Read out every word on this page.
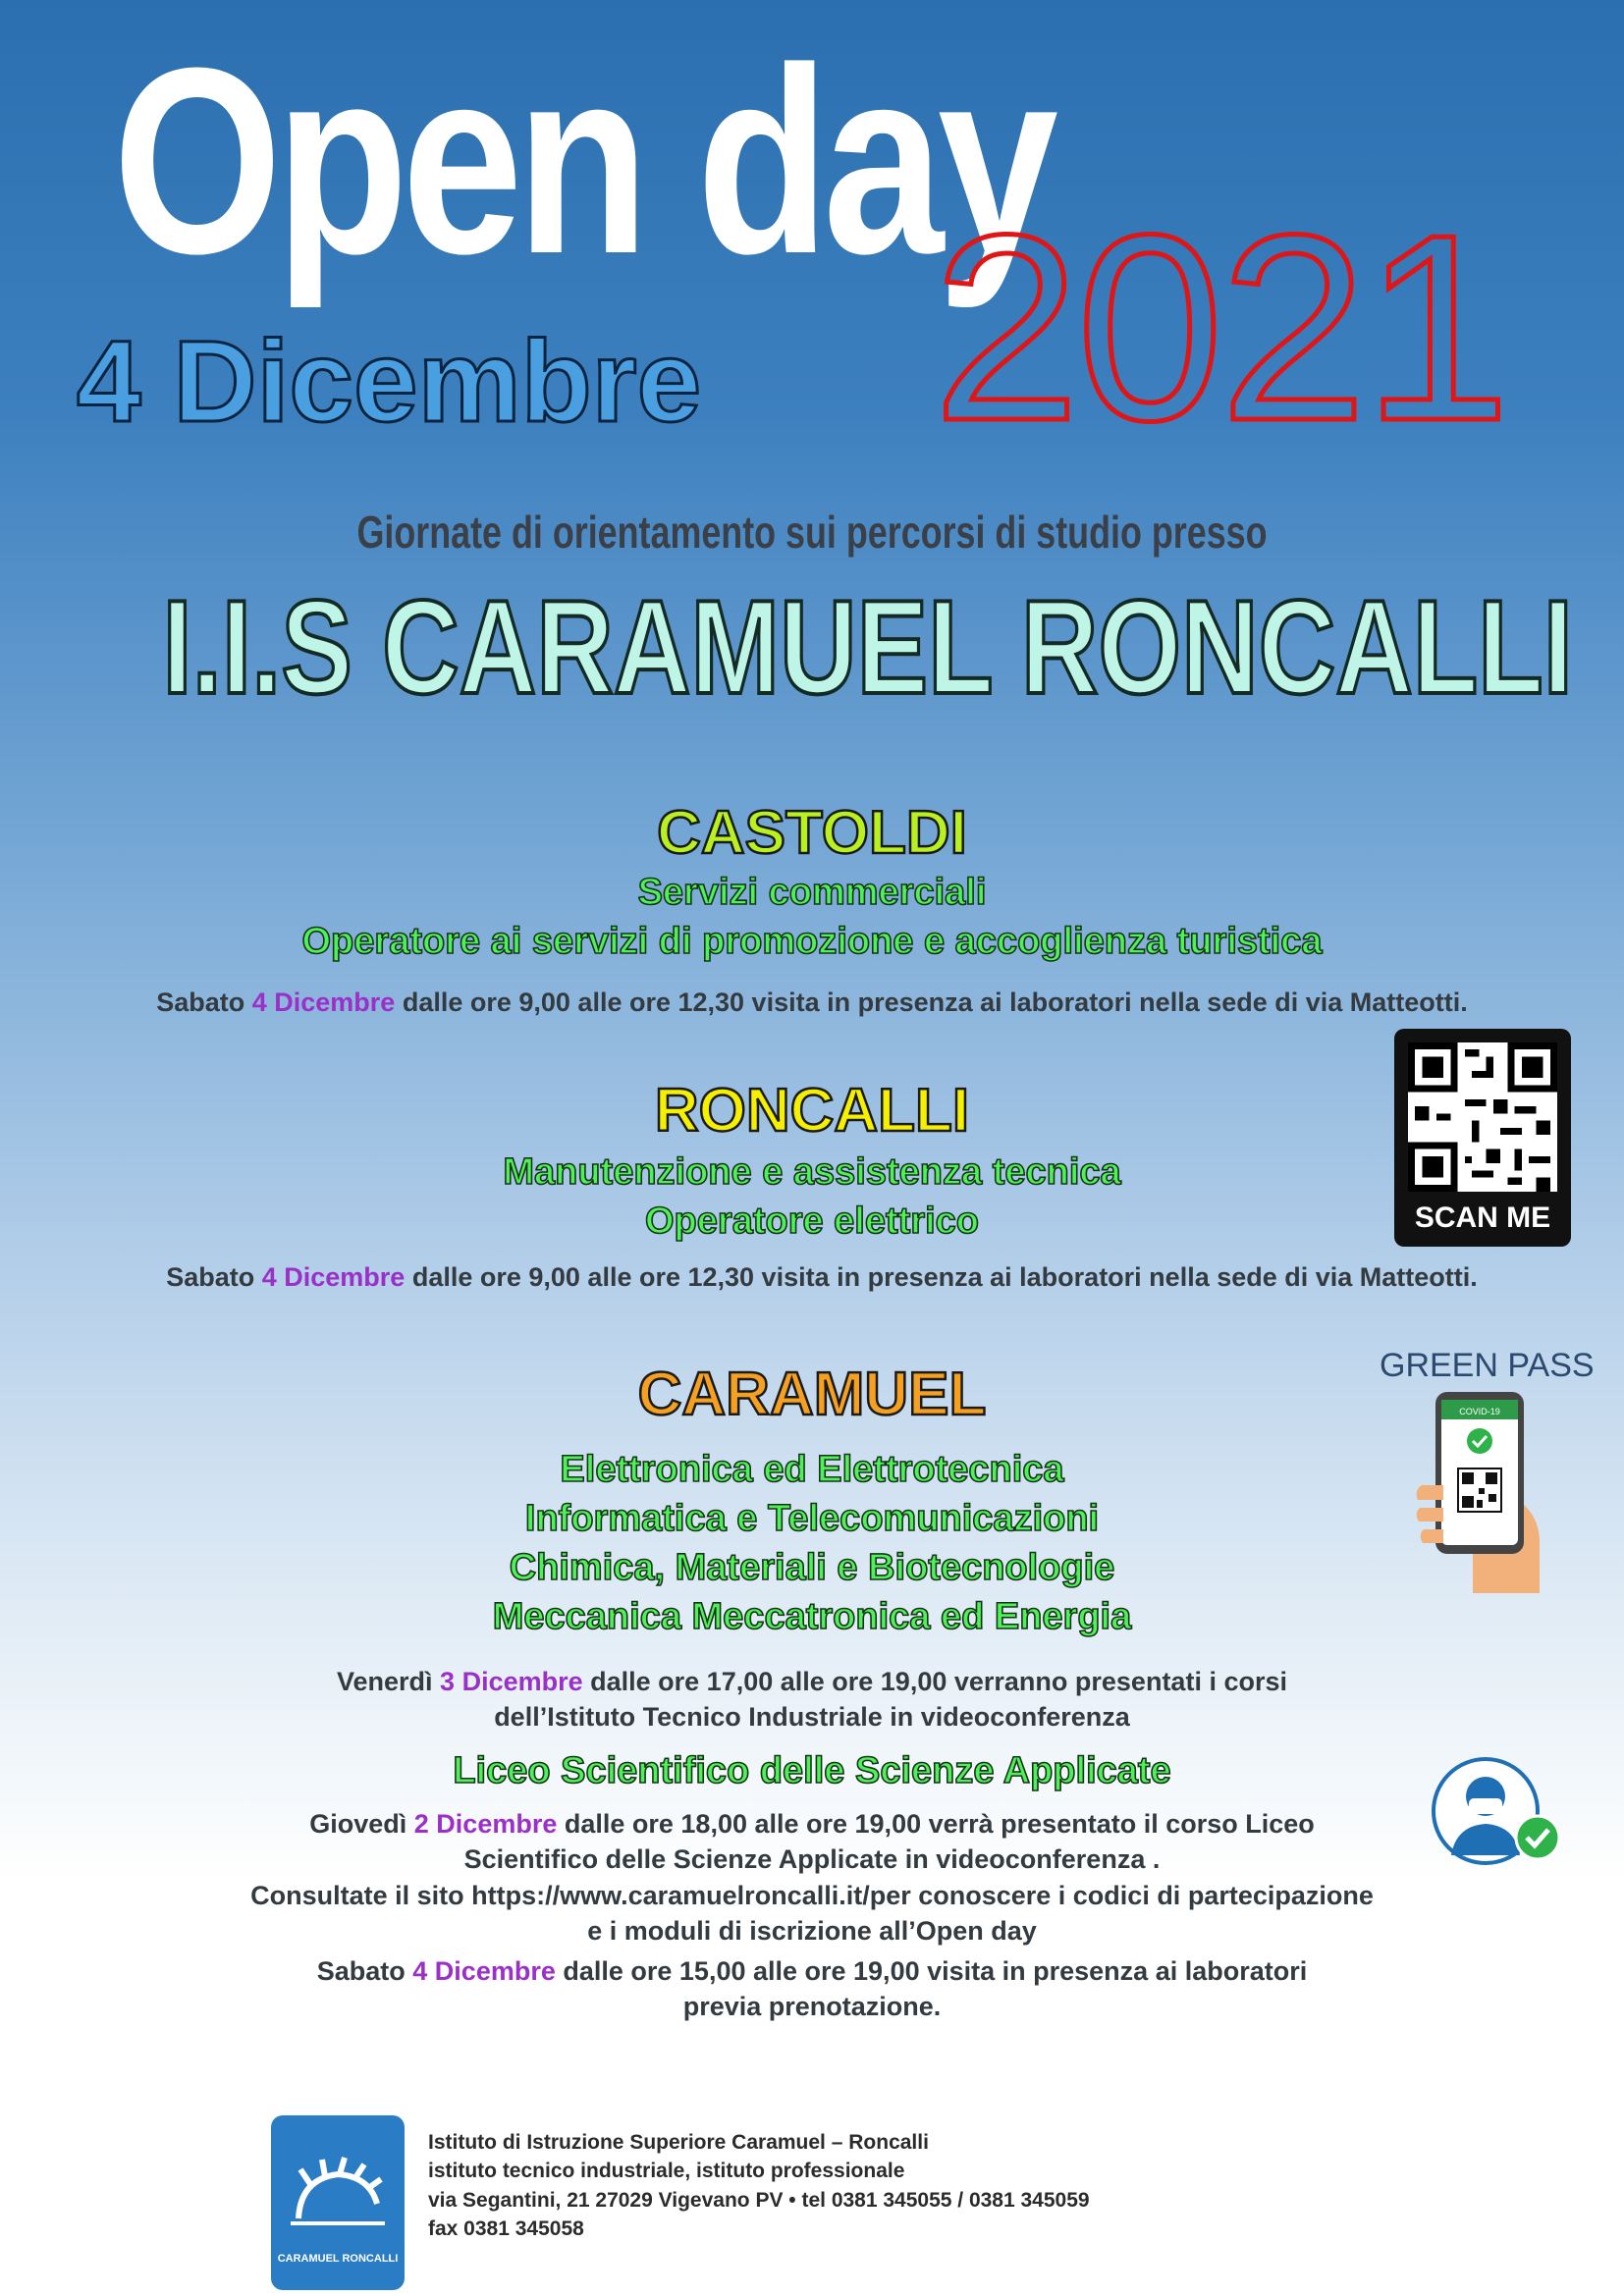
Open day
2021
4 Dicembre
Giornate di orientamento sui percorsi di studio presso
I.I.S CARAMUEL RONCALLI
CASTOLDI
Servizi commerciali
Operatore ai servizi di promozione e accoglienza turistica
Sabato 4 Dicembre dalle ore 9,00 alle ore 12,30 visita in presenza ai laboratori nella sede di via Matteotti.
SCAN ME
RONCALLI
Manutenzione e assistenza tecnica
Operatore elettrico
Sabato 4 Dicembre dalle ore 9,00 alle ore 12,30 visita in presenza ai laboratori nella sede di via Matteotti.
GREEN PASS
COVID-19
CARAMUEL
Elettronica ed Elettrotecnica
Informatica e Telecomunicazioni
Chimica, Materiali e Biotecnologie
Meccanica Meccatronica ed Energia
Venerdì 3 Dicembre dalle ore 17,00 alle ore 19,00 verranno presentati i corsi
dell’Istituto Tecnico Industriale in videoconferenza
Liceo Scientifico delle Scienze Applicate
Giovedì 2 Dicembre dalle ore 18,00 alle ore 19,00 verrà presentato il corso Liceo
Scientifico delle Scienze Applicate in videoconferenza .
Consultate il sito https://www.caramuelroncalli.it/per conoscere i codici di partecipazione
e i moduli di iscrizione all’Open day
Sabato 4 Dicembre dalle ore 15,00 alle ore 19,00 visita in presenza ai laboratori
previa prenotazione.
CARAMUEL RONCALLI
Istituto di Istruzione Superiore Caramuel – Roncalli
istituto tecnico industriale, istituto professionale
via Segantini, 21 27029 Vigevano PV • tel 0381 345055 / 0381 345059
fax 0381 345058
